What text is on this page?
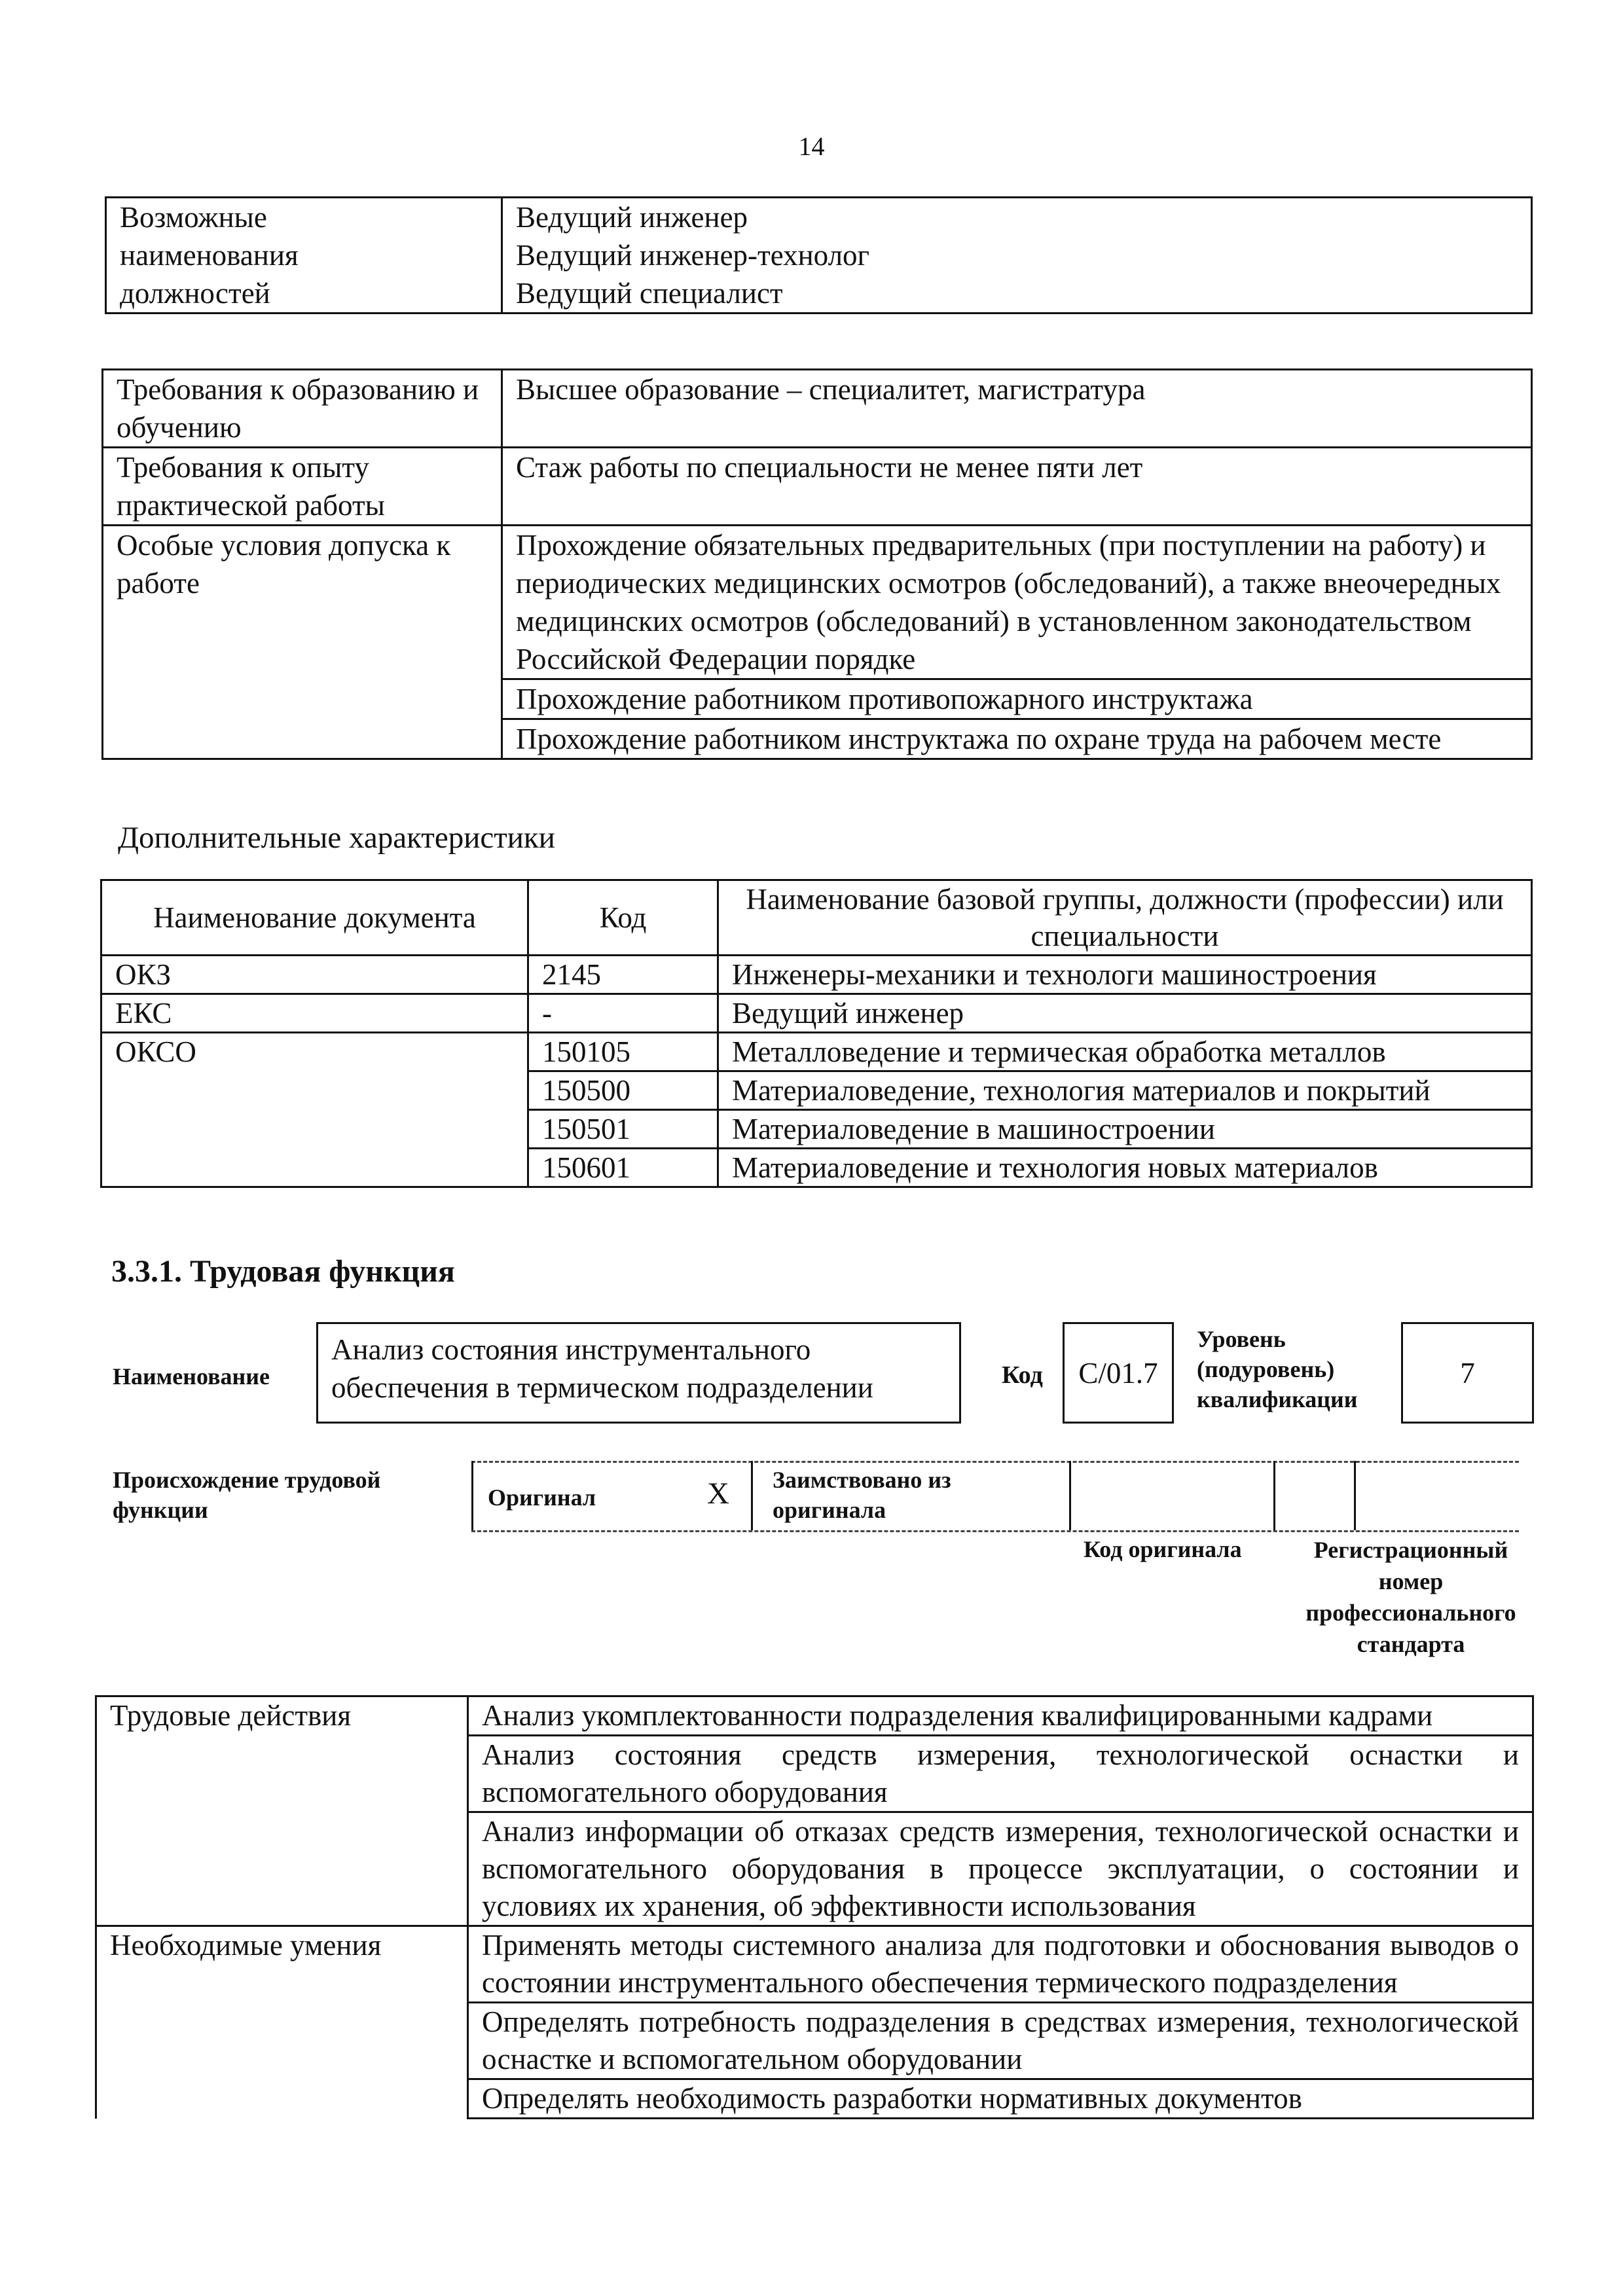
14
Возможные
наименования
должностей

Ведущий инженер
Ведущий инженер-технолог
Ведущий специалист
Требования к образованию и обучению	Высшее образование – специалитет, магистратура
Требования к опыту практической работы	Стаж работы по специальности не менее пяти лет
Особые условия допуска к работе	Прохождение обязательных предварительных (при поступлении на работу) и периодических медицинских осмотров (обследований), а также внеочередных медицинских осмотров (обследований) в установленном законодательством Российской Федерации порядке
	Прохождение работником противопожарного инструктажа
	Прохождение работником инструктажа по охране труда на рабочем месте
Дополнительные характеристики
Наименование документа	Код	Наименование базовой группы, должности (профессии) или специальности
ОКЗ	2145	Инженеры-механики и технологи машиностроения
ЕКС	-	Ведущий инженер
ОКСО	150105	Металловедение и термическая обработка металлов
	150500	Материаловедение, технология материалов и покрытий
	150501	Материаловедение в машиностроении
	150601	Материаловедение и технология новых материалов
3.3.1. Трудовая функция
Наименование
Анализ состояния инструментального обеспечения в термическом подразделении	Код C/01.7
Уровень
(подуровень)
квалификации
7
Происхождение трудовой
функции	Оригинал	X Заимствовано из
оригинала
Код оригинала	Регистрационный
номер
профессионального
стандарта
Трудовые действия	Анализ укомплектованности подразделения квалифицированными кадрами
	Анализ состояния средств измерения, технологической оснастки и вспомогательного оборудования
	Анализ информации об отказах средств измерения, технологической оснастки и вспомогательного оборудования в процессе эксплуатации, о состоянии и условиях их хранения, об эффективности использования
Необходимые умения	Применять методы системного анализа для подготовки и обоснования выводов о состоянии инструментального обеспечения термического подразделения
	Определять потребность подразделения в средствах измерения, технологической оснастке и вспомогательном оборудовании
	Определять необходимость разработки нормативных документов
